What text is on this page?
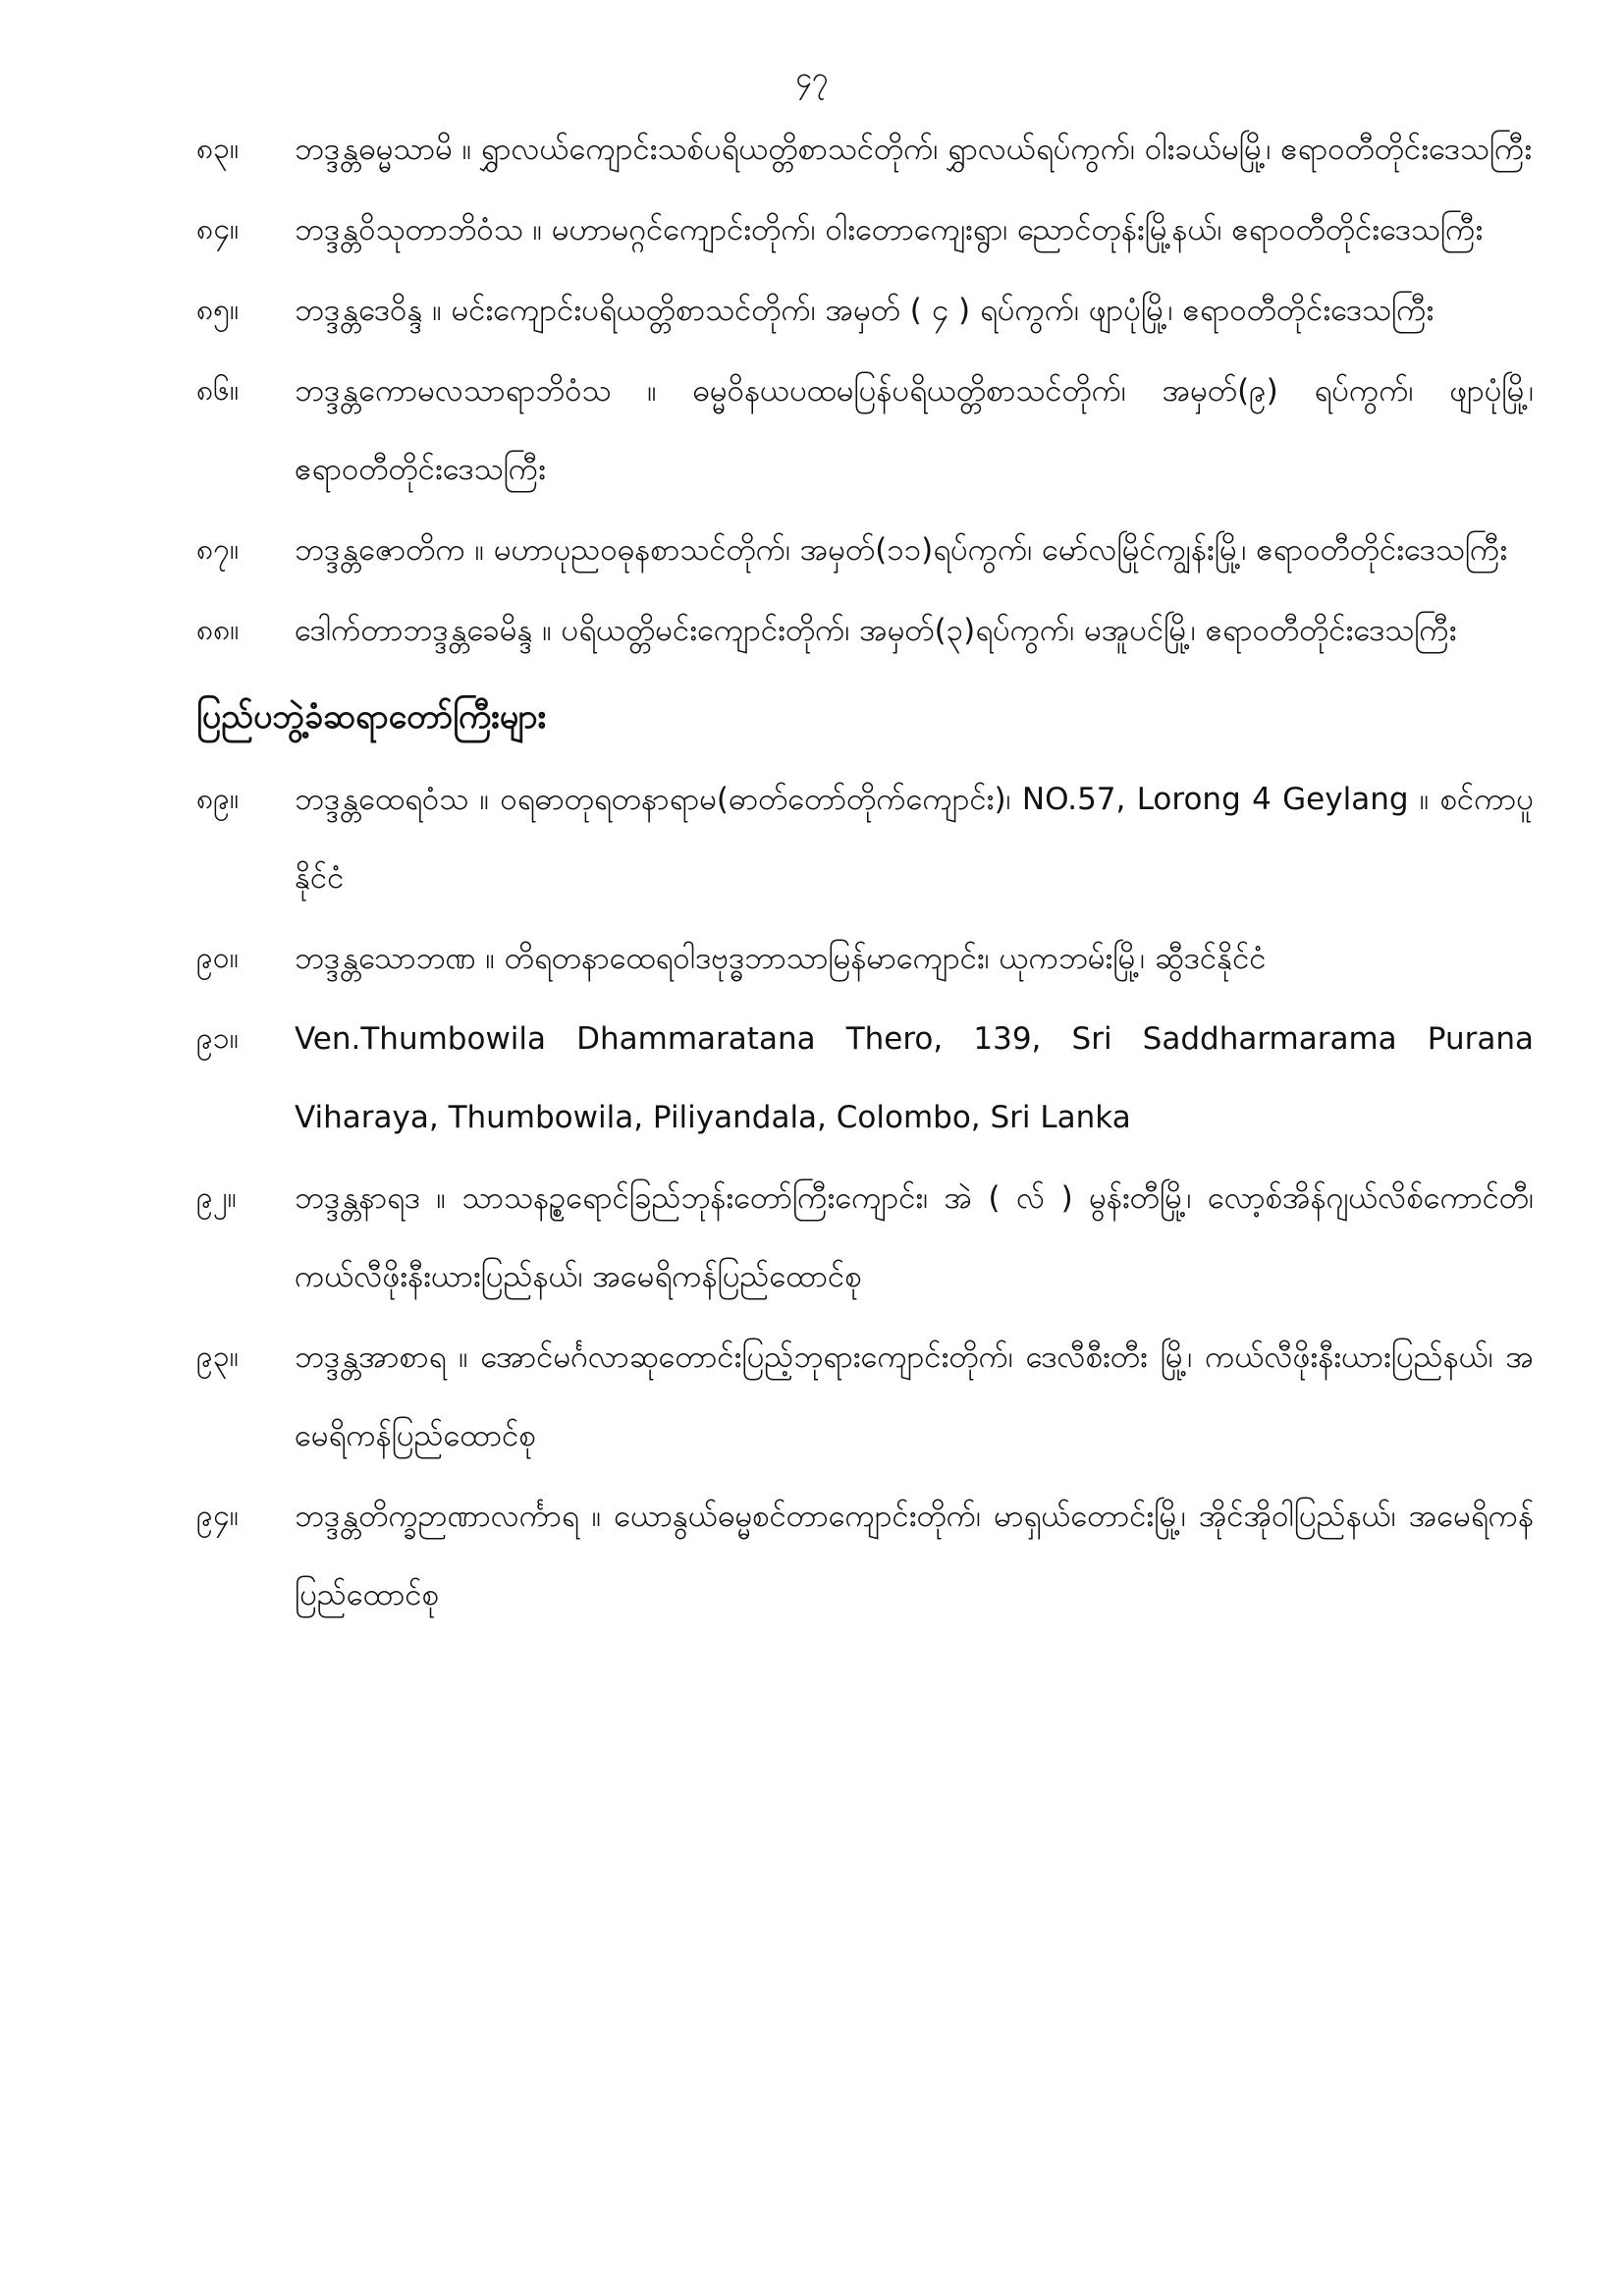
၄၇
၈၃။	ဘဒ္ဒန္တဓမ္မသာမိ ။ ရွှာလယ်ကျောင်းသစ်ပရိယတ္တိစာသင်တိုက်၊ ရွှာလယ်ရပ်ကွက်၊ ဝါးခယ်မမြို့၊ ဧရာဝတီတိုင်းဒေသကြီး
၈၄။	ဘဒ္ဒန္တဝိသုတာဘိဝံသ ။ မဟာမဂ္ဂင်ကျောင်းတိုက်၊ ဝါးတောကျေးရွာ၊ ညောင်တုန်းမြို့နယ်၊ ဧရာဝတီတိုင်းဒေသကြီး
၈၅။	ဘဒ္ဒန္တဒေဝိန္ဒ ။ မင်းကျောင်းပရိယတ္တိစာသင်တိုက်၊ အမှတ် ( ၄ ) ရပ်ကွက်၊ ဖျာပုံမြို့၊ ဧရာဝတီတိုင်းဒေသကြီး
၈၆။	ဘဒ္ဒန္တကောမလသာရာဘိဝံသ ။ ဓမ္မဝိနယပထမပြန်ပရိယတ္တိစာသင်တိုက်၊ အမှတ်(၉) ရပ်ကွက်၊ ဖျာပုံမြို့၊ ဧရာဝတီတိုင်းဒေသကြီး
၈၇။	ဘဒ္ဒန္တဇောတိက ။ မဟာပုညဝဓုနစာသင်တိုက်၊ အမှတ်(၁၁)ရပ်ကွက်၊ မော်လမြိုင်ကျွန်းမြို့၊ ဧရာဝတီတိုင်းဒေသကြီး
၈၈။	ဒေါက်တာဘဒ္ဒန္တခေမိန္ဒ ။ ပရိယတ္တိမင်းကျောင်းတိုက်၊ အမှတ်(၃)ရပ်ကွက်၊ မအူပင်မြို့၊ ဧရာဝတီတိုင်းဒေသကြီး
ပြည်ပဘွဲ့ခံဆရာတော်ကြီးများ
၈၉။	ဘဒ္ဒန္တထေရဝံသ ။ ဝရဓာတုရတနာရာမ(ဓာတ်တော်တိုက်ကျောင်း)၊ NO.57, Lorong 4 Geylang ။ စင်ကာပူနိုင်ငံ
၉၀။	ဘဒ္ဒန္တသောဘဏ ။ တိရတနာထေရဝါဒဗုဒ္ဓဘာသာမြန်မာကျောင်း၊ ယုကဘမ်းမြို့၊ ဆွီဒင်နိုင်ငံ
၉၁။	Ven.Thumbowila Dhammaratana Thero, 139, Sri Saddharmarama Purana Viharaya, Thumbowila, Piliyandala, Colombo, Sri Lanka
၉၂။	ဘဒ္ဒန္တနာရဒ ။ သာသနဉ္စရောင်ခြည်ဘုန်းတော်ကြီးကျောင်း၊ အဲ ( လ် ) မွန်းတီမြို့၊ လော့စ်အိန်ဂျယ်လိစ်ကောင်တီ၊ ကယ်လီဖိုးနီးယားပြည်နယ်၊ အမေရိကန်ပြည်ထောင်စု
၉၃။	ဘဒ္ဒန္တအာစာရ ။ အောင်မင်္ဂလာဆုတောင်းပြည့်ဘုရားကျောင်းတိုက်၊ ဒေလီစီးတီး မြို့၊ ကယ်လီဖိုးနီးယားပြည်နယ်၊ အမေရိကန်ပြည်ထောင်စု
၉၄။	ဘဒ္ဒန္တတိက္ခဉာဏာလင်္ကာရ ။ ယောနွယ်ဓမ္မစင်တာကျောင်းတိုက်၊ မာရှယ်တောင်းမြို့၊ အိုင်အိုဝါပြည်နယ်၊ အမေရိကန်ပြည်ထောင်စု
